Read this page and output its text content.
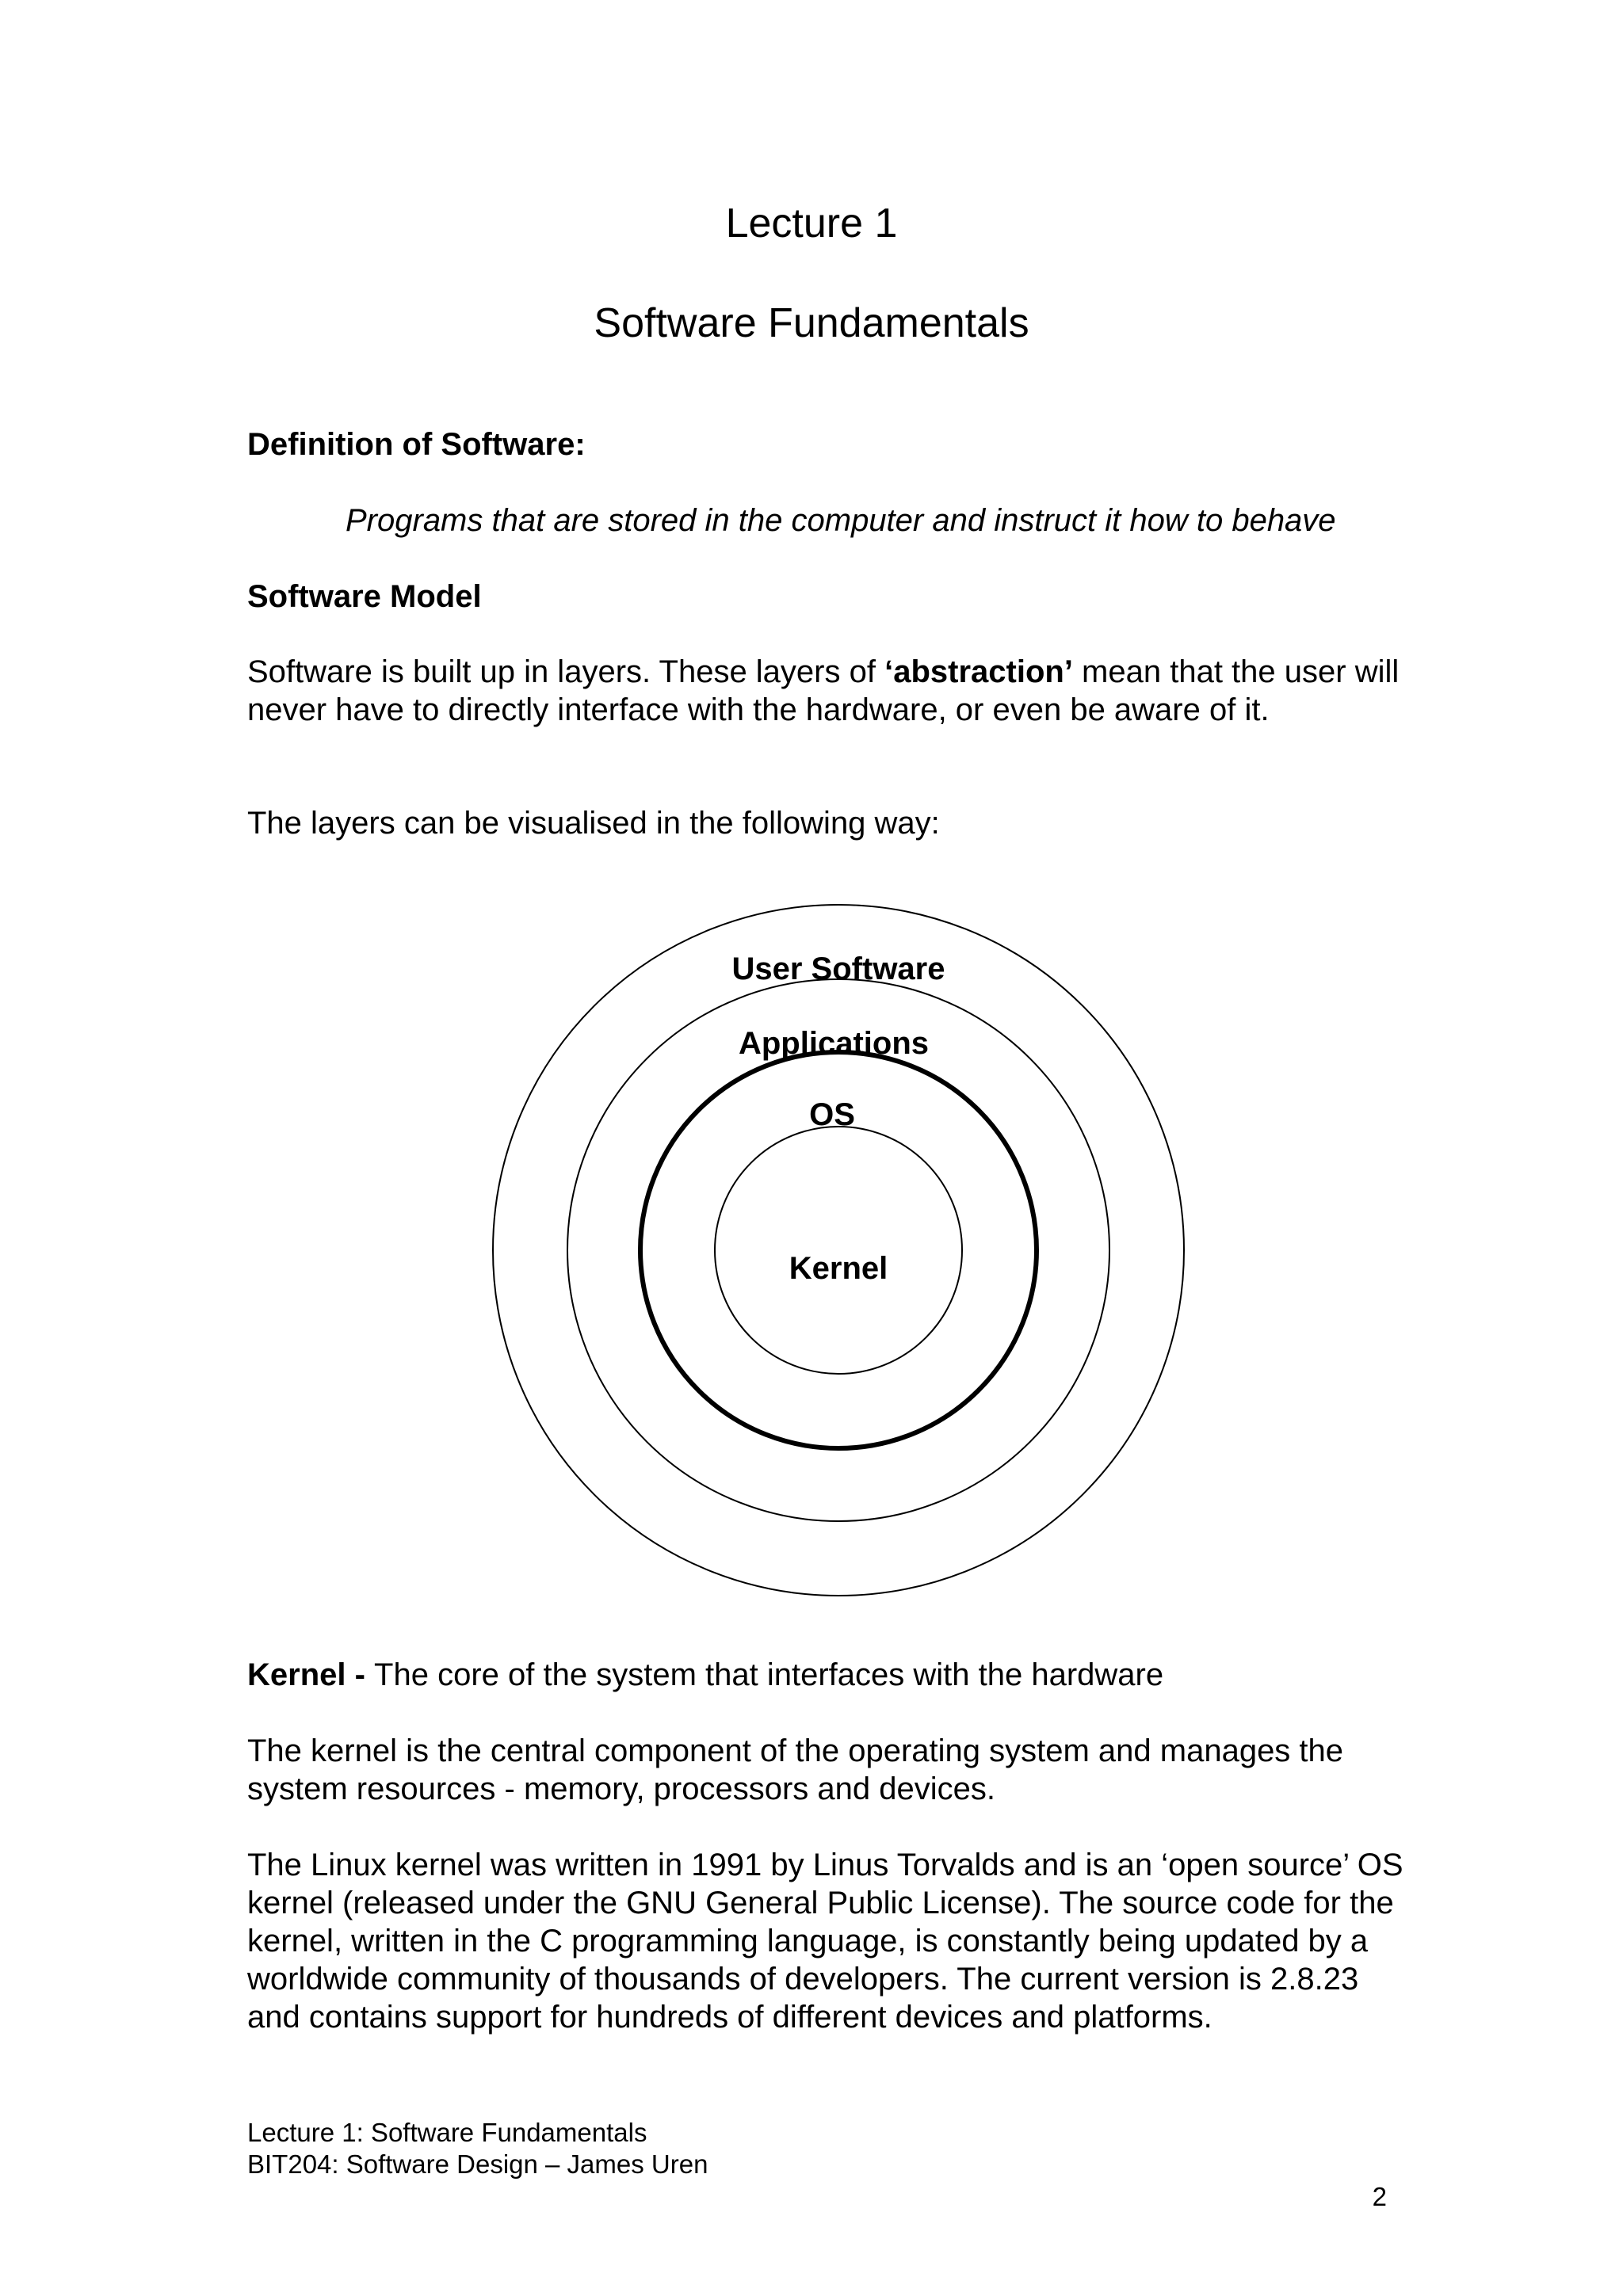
Lecture 1
Software Fundamentals
Definition of Software:
Programs that are stored in the computer and instruct it how to behave
Software Model
Software is built up in layers. These layers of ‘abstraction’ mean that the user will never have to directly interface with the hardware, or even be aware of it.
The layers can be visualised in the following way:
User Software
Applications
OS
Kernel
Kernel - The core of the system that interfaces with the hardware
The kernel is the central component of the operating system and manages the system resources - memory, processors and devices.
The Linux kernel was written in 1991 by Linus Torvalds and is an ‘open source’ OS kernel (released under the GNU General Public License). The source code for the kernel, written in the C programming language, is constantly being updated by a worldwide community of thousands of developers. The current version is 2.8.23 and contains support for hundreds of different devices and platforms.
Lecture 1: Software Fundamentals
BIT204: Software Design – James Uren
2
